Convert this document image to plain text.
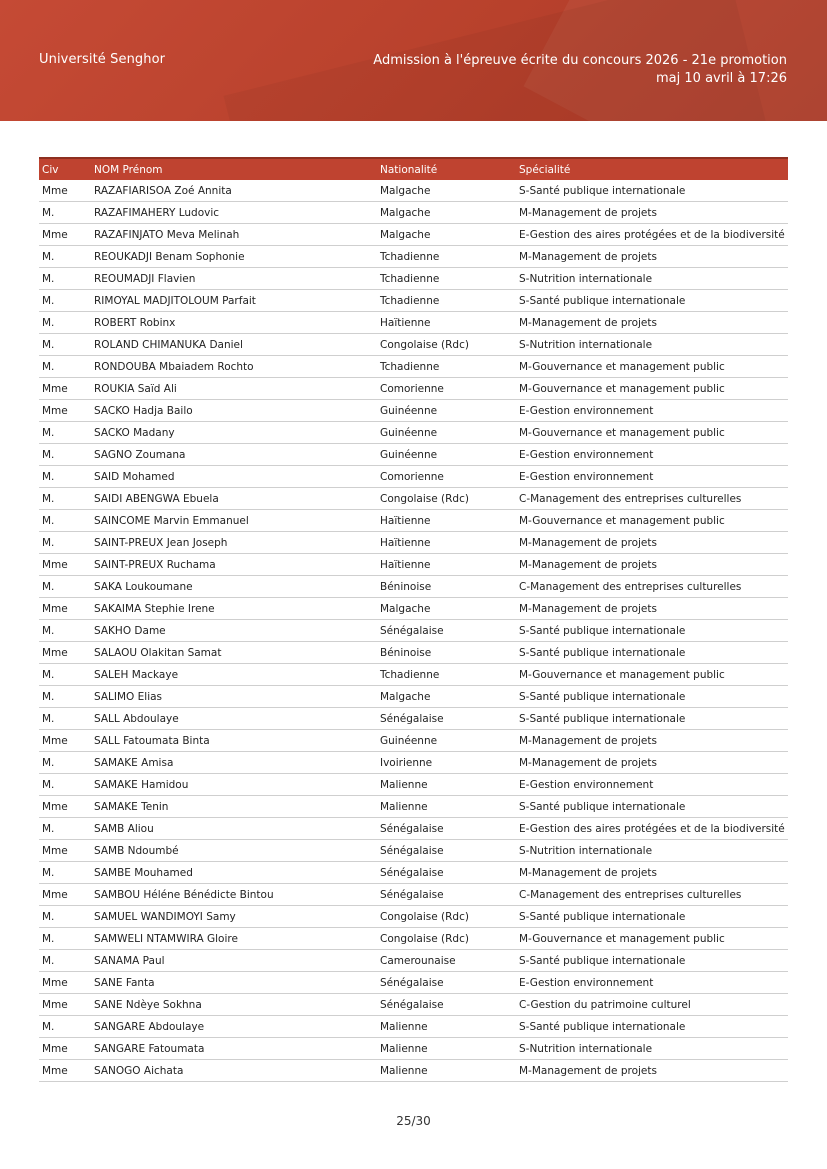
Université Senghor	Admission à l'épreuve écrite du concours 2026 - 21e promotion
maj 10 avril à 17:26
Civ	NOM Prénom	Nationalité	Spécialité
Mme	RAZAFIARISOA Zoé Annita	Malgache	S-Santé publique internationale
M.	RAZAFIMAHERY Ludovic	Malgache	M-Management de projets
Mme	RAZAFINJATO Meva Melinah	Malgache	E-Gestion des aires protégées et de la biodiversité
M.	REOUKADJI Benam Sophonie	Tchadienne	M-Management de projets
M.	REOUMADJI Flavien	Tchadienne	S-Nutrition internationale
M.	RIMOYAL MADJITOLOUM Parfait	Tchadienne	S-Santé publique internationale
M.	ROBERT Robinx	Haïtienne	M-Management de projets
M.	ROLAND CHIMANUKA Daniel	Congolaise (Rdc)	S-Nutrition internationale
M.	RONDOUBA Mbaiadem Rochto	Tchadienne	M-Gouvernance et management public
Mme	ROUKIA Saïd Ali	Comorienne	M-Gouvernance et management public
Mme	SACKO Hadja Bailo	Guinéenne	E-Gestion environnement
M.	SACKO Madany	Guinéenne	M-Gouvernance et management public
M.	SAGNO Zoumana	Guinéenne	E-Gestion environnement
M.	SAID Mohamed	Comorienne	E-Gestion environnement
M.	SAIDI ABENGWA Ebuela	Congolaise (Rdc)	C-Management des entreprises culturelles
M.	SAINCOME Marvin Emmanuel	Haïtienne	M-Gouvernance et management public
M.	SAINT-PREUX Jean Joseph	Haïtienne	M-Management de projets
Mme	SAINT-PREUX Ruchama	Haïtienne	M-Management de projets
M.	SAKA Loukoumane	Béninoise	C-Management des entreprises culturelles
Mme	SAKAIMA Stephie Irene	Malgache	M-Management de projets
M.	SAKHO Dame	Sénégalaise	S-Santé publique internationale
Mme	SALAOU Olakitan Samat	Béninoise	S-Santé publique internationale
M.	SALEH Mackaye	Tchadienne	M-Gouvernance et management public
M.	SALIMO Elias	Malgache	S-Santé publique internationale
M.	SALL Abdoulaye	Sénégalaise	S-Santé publique internationale
Mme	SALL Fatoumata Binta	Guinéenne	M-Management de projets
M.	SAMAKE Amisa	Ivoirienne	M-Management de projets
M.	SAMAKE Hamidou	Malienne	E-Gestion environnement
Mme	SAMAKE Tenin	Malienne	S-Santé publique internationale
M.	SAMB Aliou	Sénégalaise	E-Gestion des aires protégées et de la biodiversité
Mme	SAMB Ndoumbé	Sénégalaise	S-Nutrition internationale
M.	SAMBE Mouhamed	Sénégalaise	M-Management de projets
Mme	SAMBOU Héléne Bénédicte Bintou	Sénégalaise	C-Management des entreprises culturelles
M.	SAMUEL WANDIMOYI Samy	Congolaise (Rdc)	S-Santé publique internationale
M.	SAMWELI NTAMWIRA Gloire	Congolaise (Rdc)	M-Gouvernance et management public
M.	SANAMA Paul	Camerounaise	S-Santé publique internationale
Mme	SANE Fanta	Sénégalaise	E-Gestion environnement
Mme	SANE Ndèye Sokhna	Sénégalaise	C-Gestion du patrimoine culturel
M.	SANGARE Abdoulaye	Malienne	S-Santé publique internationale
Mme	SANGARE Fatoumata	Malienne	S-Nutrition internationale
Mme	SANOGO Aichata	Malienne	M-Management de projets
25/30
